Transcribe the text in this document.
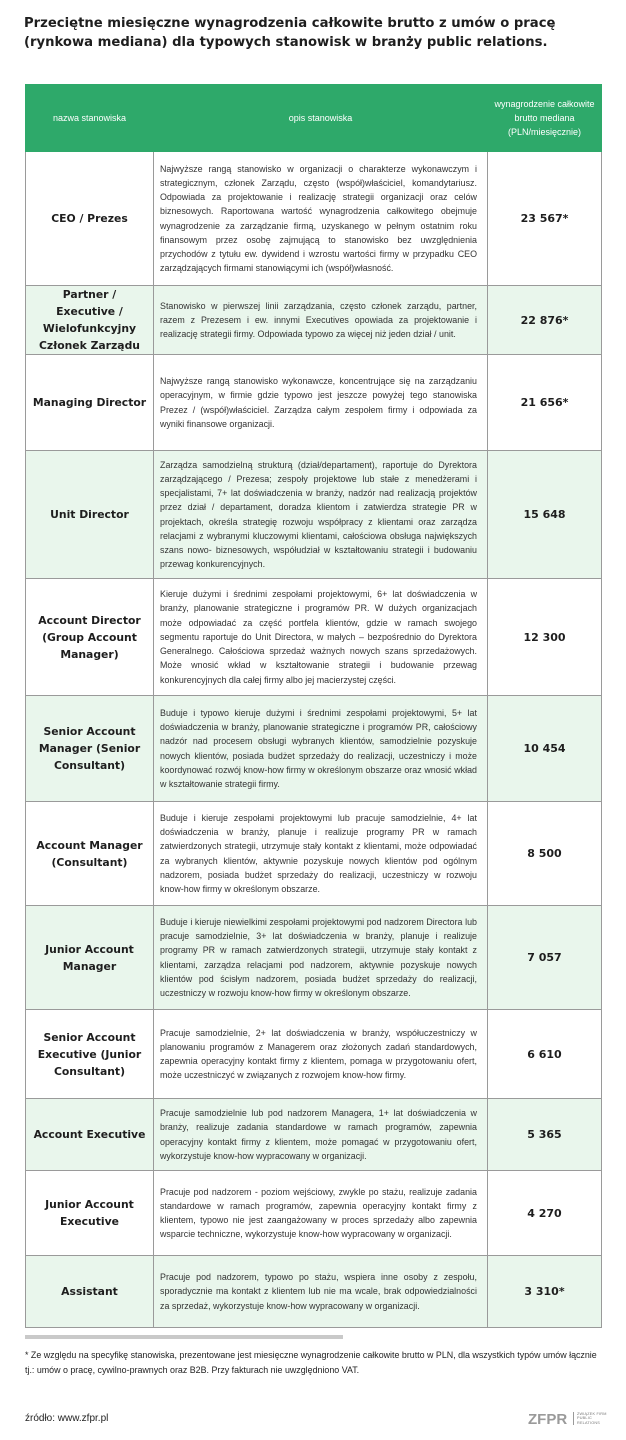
Przeciętne miesięczne wynagrodzenia całkowite brutto z umów o pracę (rynkowa mediana) dla typowych stanowisk w branży public relations.
nazwa stanowiska	opis stanowiska	wynagrodzenie całkowite brutto mediana (PLN/miesięcznie)
CEO / Prezes	Najwyższe rangą stanowisko w organizacji o charakterze wykonawczym i strategicznym, członek Zarządu, często (współ)właściciel, komandytariusz. Odpowiada za projektowanie i realizację strategii organizacji oraz celów biznesowych. Raportowana wartość wynagrodzenia całkowitego obejmuje wynagrodzenie za zarządzanie firmą, uzyskanego w pełnym ostatnim roku finansowym przez osobę zajmującą to stanowisko bez uwzględnienia przychodów z tytułu ew. dywidend i wzrostu wartości firmy w przypadku CEO zarządzających firmami stanowiącymi ich (współ)własność.	23 567*
Partner / Executive / Wielofunkcyjny Członek Zarządu	Stanowisko w pierwszej linii zarządzania, często członek zarządu, partner, razem z Prezesem i ew. innymi Executives opowiada za projektowanie i realizację strategii firmy. Odpowiada typowo za więcej niż jeden dział / unit.	22 876*
Managing Director	Najwyższe rangą stanowisko wykonawcze, koncentrujące się na zarządzaniu operacyjnym, w firmie gdzie typowo jest jeszcze powyżej tego stanowiska Prezez / (współ)właściciel. Zarządza całym zespołem firmy i odpowiada za wyniki finansowe organizacji.	21 656*
Unit Director	Zarządza samodzielną strukturą (dział/departament), raportuje do Dyrektora zarządzającego / Prezesa; zespoły projektowe lub stałe z menedżerami i specjalistami, 7+ lat doświadczenia w branży, nadzór nad realizacją projektów przez dział / departament, doradza klientom i zatwierdza strategie PR w projektach, określa strategię rozwoju współpracy z klientami oraz zarządza relacjami z wybranymi kluczowymi klientami, całościowa obsługa największych szans nowo- biznesowych, współudział w kształtowaniu strategii i budowaniu przewag konkurencyjnych.	15 648
Account Director (Group Account Manager)	Kieruje dużymi i średnimi zespołami projektowymi, 6+ lat doświadczenia w branży, planowanie strategiczne i programów PR. W dużych organizacjach może odpowiadać za część portfela klientów, gdzie w ramach swojego segmentu raportuje do Unit Directora, w małych – bezpośrednio do Dyrektora Generalnego. Całościowa sprzedaż ważnych nowych szans sprzedażowych. Może wnosić wkład w kształtowanie strategii i budowanie przewag konkurencyjnych dla całej firmy albo jej macierzystej części.	12 300
Senior Account Manager (Senior Consultant)	Buduje i typowo kieruje dużymi i średnimi zespołami projektowymi, 5+ lat doświadczenia w branży, planowanie strategiczne i programów PR, całościowy nadzór nad procesem obsługi wybranych klientów, samodzielnie pozyskuje nowych klientów, posiada budżet sprzedaży do realizacji, uczestniczy i może koordynować rozwój know-how firmy w określonym obszarze oraz wnosić wkład w kształtowanie strategii firmy.	10 454
Account Manager (Consultant)	Buduje i kieruje zespołami projektowymi lub pracuje samodzielnie, 4+ lat doświadczenia w branży, planuje i realizuje programy PR w ramach zatwierdzonych strategii, utrzymuje stały kontakt z klientami, może odpowiadać za wybranych klientów, aktywnie pozyskuje nowych klientów pod ogólnym nadzorem, posiada budżet sprzedaży do realizacji, uczestniczy w rozwoju know-how firmy w określonym obszarze.	8 500
Junior Account Manager	Buduje i kieruje niewielkimi zespołami projektowymi pod nadzorem Directora lub pracuje samodzielnie, 3+ lat doświadczenia w branży, planuje i realizuje programy PR w ramach zatwierdzonych strategii, utrzymuje stały kontakt z klientami, zarządza relacjami pod nadzorem, aktywnie pozyskuje nowych klientów pod ścisłym nadzorem, posiada budżet sprzedaży do realizacji, uczestniczy w rozwoju know-how firmy w określonym obszarze.	7 057
Senior Account Executive (Junior Consultant)	Pracuje samodzielnie, 2+ lat doświadczenia w branży, współuczestniczy w planowaniu programów z Managerem oraz złożonych zadań standardowych, zapewnia operacyjny kontakt firmy z klientem, pomaga w przygotowaniu ofert, może uczestniczyć w związanych z rozwojem know-how firmy.	6 610
Account Executive	Pracuje samodzielnie lub pod nadzorem Managera, 1+ lat doświadczenia w branży, realizuje zadania standardowe w ramach programów, zapewnia operacyjny kontakt firmy z klientem, może pomagać w przygotowaniu ofert, wykorzystuje know-how wypracowany w organizacji.	5 365
Junior Account Executive	Pracuje pod nadzorem - poziom wejściowy, zwykle po stażu, realizuje zadania standardowe w ramach programów, zapewnia operacyjny kontakt firmy z klientem, typowo nie jest zaangażowany w proces sprzedaży albo zapewnia wsparcie techniczne, wykorzystuje know-how wypracowany w organizacji.	4 270
Assistant	Pracuje pod nadzorem, typowo po stażu, wspiera inne osoby z zespołu, sporadycznie ma kontakt z klientem lub nie ma wcale, brak odpowiedzialności za sprzedaż, wykorzystuje know-how wypracowany w organizacji.	3 310*
* Ze względu na specyfikę stanowiska, prezentowane jest miesięczne wynagrodzenie całkowite brutto w PLN, dla wszystkich typów umów łącznie tj.: umów o pracę, cywilno-prawnych oraz B2B. Przy fakturach nie uwzględniono VAT.
źródło: www.zfpr.pl	ZFPR	ZWIĄZEK FIRM
PUBLIC
RELATIONS
